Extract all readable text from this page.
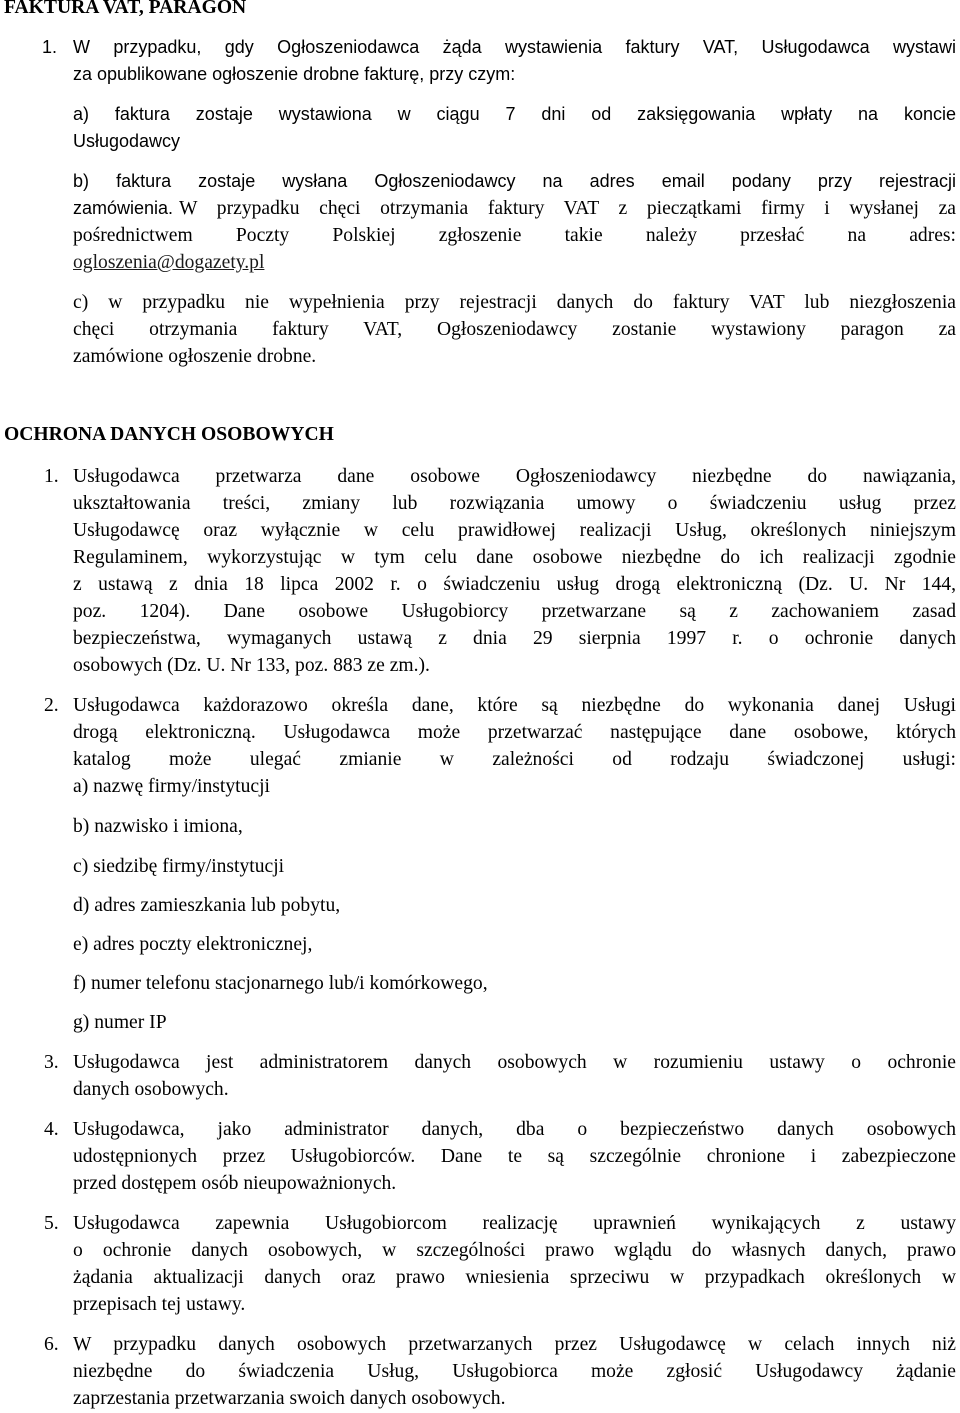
FAKTURA VAT, PARAGON
1. W przypadku, gdy Ogłoszeniodawca żąda wystawienia faktury VAT, Usługodawca wystawi
za opublikowane ogłoszenie drobne fakturę, przy czym:
a) faktura zostaje wystawiona w ciągu 7 dni od zaksięgowania wpłaty na koncie
Usługodawcy
b) faktura zostaje wysłana Ogłoszeniodawcy na adres email podany przy rejestracji
zamówienia. W przypadku chęci otrzymania faktury VAT z pieczątkami firmy i wysłanej za
pośrednictwem Poczty Polskiej zgłoszenie takie należy przesłać na adres:
ogloszenia@dogazety.pl
c) w przypadku nie wypełnienia przy rejestracji danych do faktury VAT lub niezgłoszenia
chęci otrzymania faktury VAT, Ogłoszeniodawcy zostanie wystawiony paragon za
zamówione ogłoszenie drobne.
OCHRONA DANYCH OSOBOWYCH
1. Usługodawca przetwarza dane osobowe Ogłoszeniodawcy niezbędne do nawiązania,
ukształtowania treści, zmiany lub rozwiązania umowy o świadczeniu usług przez
Usługodawcę oraz wyłącznie w celu prawidłowej realizacji Usług, określonych niniejszym
Regulaminem, wykorzystując w tym celu dane osobowe niezbędne do ich realizacji zgodnie
z ustawą z dnia 18 lipca 2002 r. o świadczeniu usług drogą elektroniczną (Dz. U. Nr 144,
poz. 1204). Dane osobowe Usługobiorcy przetwarzane są z zachowaniem zasad
bezpieczeństwa, wymaganych ustawą z dnia 29 sierpnia 1997 r. o ochronie danych
osobowych (Dz. U. Nr 133, poz. 883 ze zm.).
2. Usługodawca każdorazowo określa dane, które są niezbędne do wykonania danej Usługi
drogą elektroniczną. Usługodawca może przetwarzać następujące dane osobowe, których
katalog może ulegać zmianie w zależności od rodzaju świadczonej usługi:
a) nazwę firmy/instytucji
b) nazwisko i imiona,
c) siedzibę firmy/instytucji
d) adres zamieszkania lub pobytu,
e) adres poczty elektronicznej,
f) numer telefonu stacjonarnego lub/i komórkowego,
g) numer IP
3. Usługodawca jest administratorem danych osobowych w rozumieniu ustawy o ochronie
danych osobowych.
4. Usługodawca, jako administrator danych, dba o bezpieczeństwo danych osobowych
udostępnionych przez Usługobiorców. Dane te są szczególnie chronione i zabezpieczone
przed dostępem osób nieupoważnionych.
5. Usługodawca zapewnia Usługobiorcom realizację uprawnień wynikających z ustawy
o ochronie danych osobowych, w szczególności prawo wglądu do własnych danych, prawo
żądania aktualizacji danych oraz prawo wniesienia sprzeciwu w przypadkach określonych w
przepisach tej ustawy.
6. W przypadku danych osobowych przetwarzanych przez Usługodawcę w celach innych niż
niezbędne do świadczenia Usług, Usługobiorca może zgłosić Usługodawcy żądanie
zaprzestania przetwarzania swoich danych osobowych.
